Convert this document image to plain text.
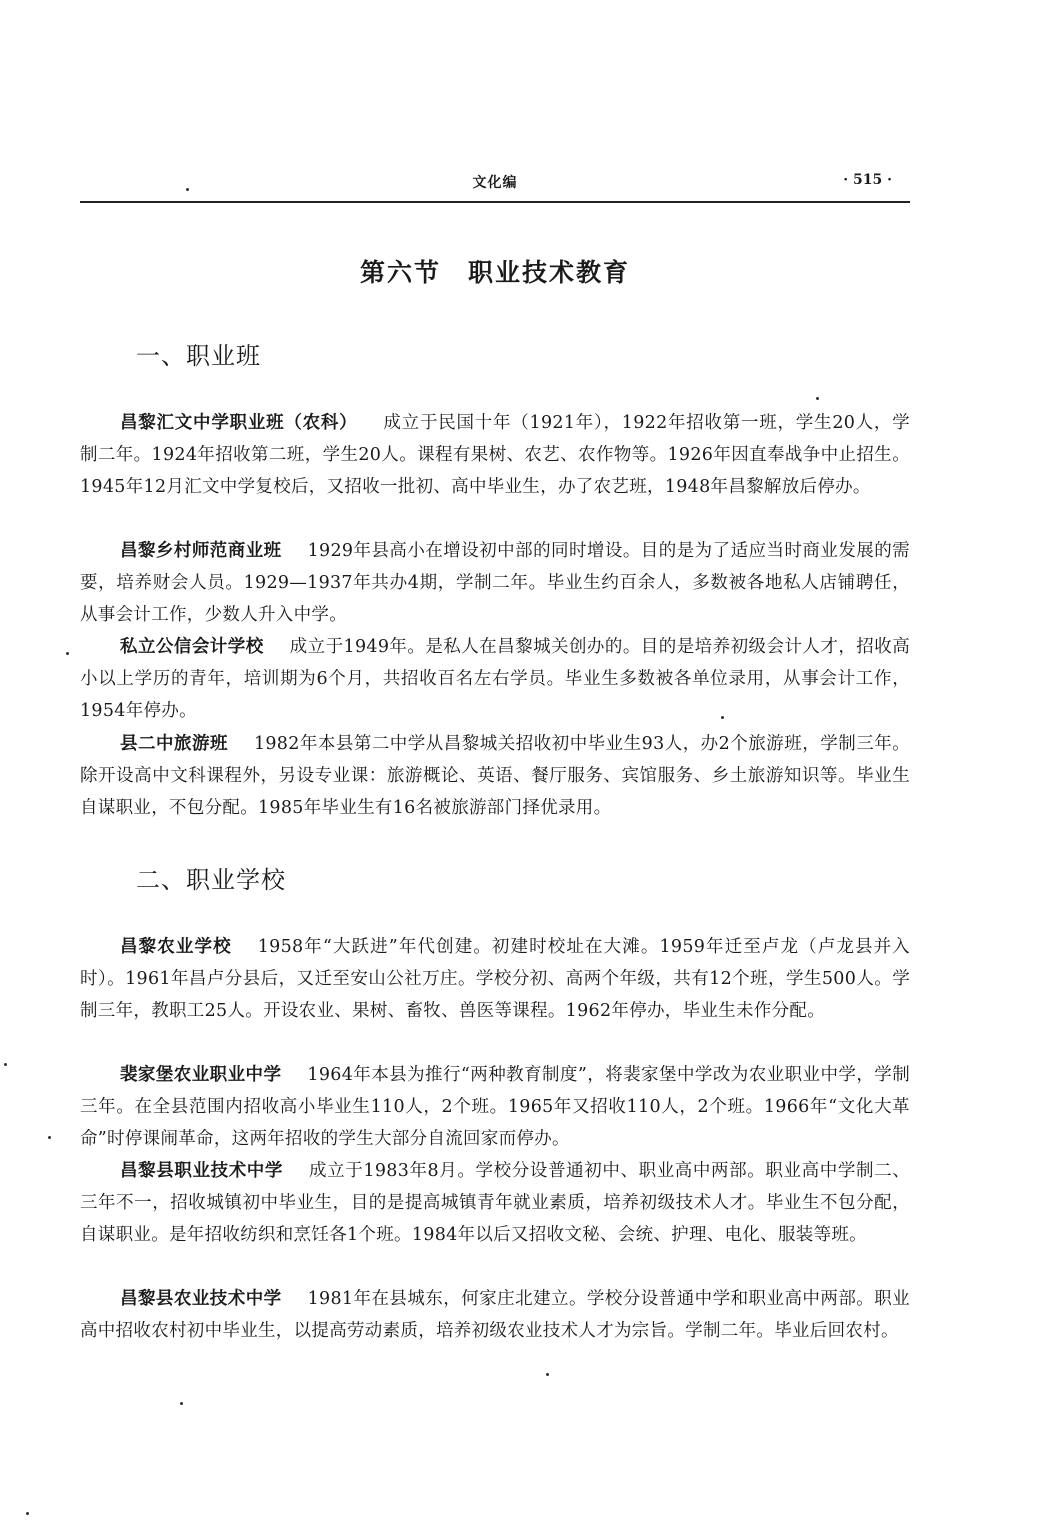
文化编	· 515 ·
第六节　职业技术教育
一、职业班
昌黎汇文中学职业班（农科） 成立于民国十年（1921年），1922年招收第一班，学生20人，学制二年。1924年招收第二班，学生20人。课程有果树、农艺、农作物等。1926年因直奉战争中止招生。1945年12月汇文中学复校后，又招收一批初、高中毕业生，办了农艺班，1948年昌黎解放后停办。
昌黎乡村师范商业班 1929年县高小在增设初中部的同时增设。目的是为了适应当时商业发展的需要，培养财会人员。1929—1937年共办4期，学制二年。毕业生约百余人，多数被各地私人店铺聘任，从事会计工作，少数人升入中学。
私立公信会计学校 成立于1949年。是私人在昌黎城关创办的。目的是培养初级会计人才，招收高小以上学历的青年，培训期为6个月，共招收百名左右学员。毕业生多数被各单位录用，从事会计工作，1954年停办。
县二中旅游班 1982年本县第二中学从昌黎城关招收初中毕业生93人，办2个旅游班，学制三年。除开设高中文科课程外，另设专业课：旅游概论、英语、餐厅服务、宾馆服务、乡土旅游知识等。毕业生自谋职业，不包分配。1985年毕业生有16名被旅游部门择优录用。
二、职业学校
昌黎农业学校 1958年“大跃进”年代创建。初建时校址在大滩。1959年迁至卢龙（卢龙县并入时）。1961年昌卢分县后，又迁至安山公社万庄。学校分初、高两个年级，共有12个班，学生500人。学制三年，教职工25人。开设农业、果树、畜牧、兽医等课程。1962年停办，毕业生未作分配。
裴家堡农业职业中学 1964年本县为推行“两种教育制度”，将裴家堡中学改为农业职业中学，学制三年。在全县范围内招收高小毕业生110人，2个班。1965年又招收110人，2个班。1966年“文化大革命”时停课闹革命，这两年招收的学生大部分自流回家而停办。
昌黎县职业技术中学 成立于1983年8月。学校分设普通初中、职业高中两部。职业高中学制二、三年不一，招收城镇初中毕业生，目的是提高城镇青年就业素质，培养初级技术人才。毕业生不包分配，自谋职业。是年招收纺织和烹饪各1个班。1984年以后又招收文秘、会统、护理、电化、服装等班。
昌黎县农业技术中学 1981年在县城东，何家庄北建立。学校分设普通中学和职业高中两部。职业高中招收农村初中毕业生，以提高劳动素质，培养初级农业技术人才为宗旨。学制二年。毕业后回农村。
